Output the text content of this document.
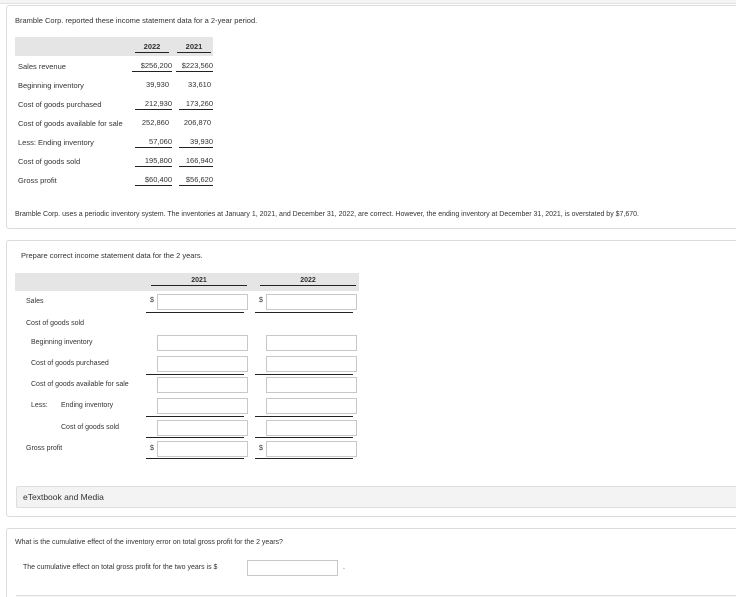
Bramble Corp. reported these income statement data for a 2-year period.
2022	2021
Sales revenue	$256,200	$223,560
Beginning inventory	39,930	33,610
Cost of goods purchased	212,930	173,260
Cost of goods available for sale	252,860	206,870
Less: Ending inventory	57,060	39,930
Cost of goods sold	195,800	166,940
Gross profit	$60,400	$56,620
Bramble Corp. uses a periodic inventory system. The inventories at January 1, 2021, and December 31, 2022, are correct. However, the ending inventory at December 31, 2021, is overstated by $7,670.
Prepare correct income statement data for the 2 years.
2021	2022
Sales	$	$
Cost of goods sold
Beginning inventory
Cost of goods purchased
Cost of goods available for sale
Less: Ending inventory
Cost of goods sold
Gross profit	$	$
eTextbook and Media
What is the cumulative effect of the inventory error on total gross profit for the 2 years?
The cumulative effect on total gross profit for the two years is $	.
